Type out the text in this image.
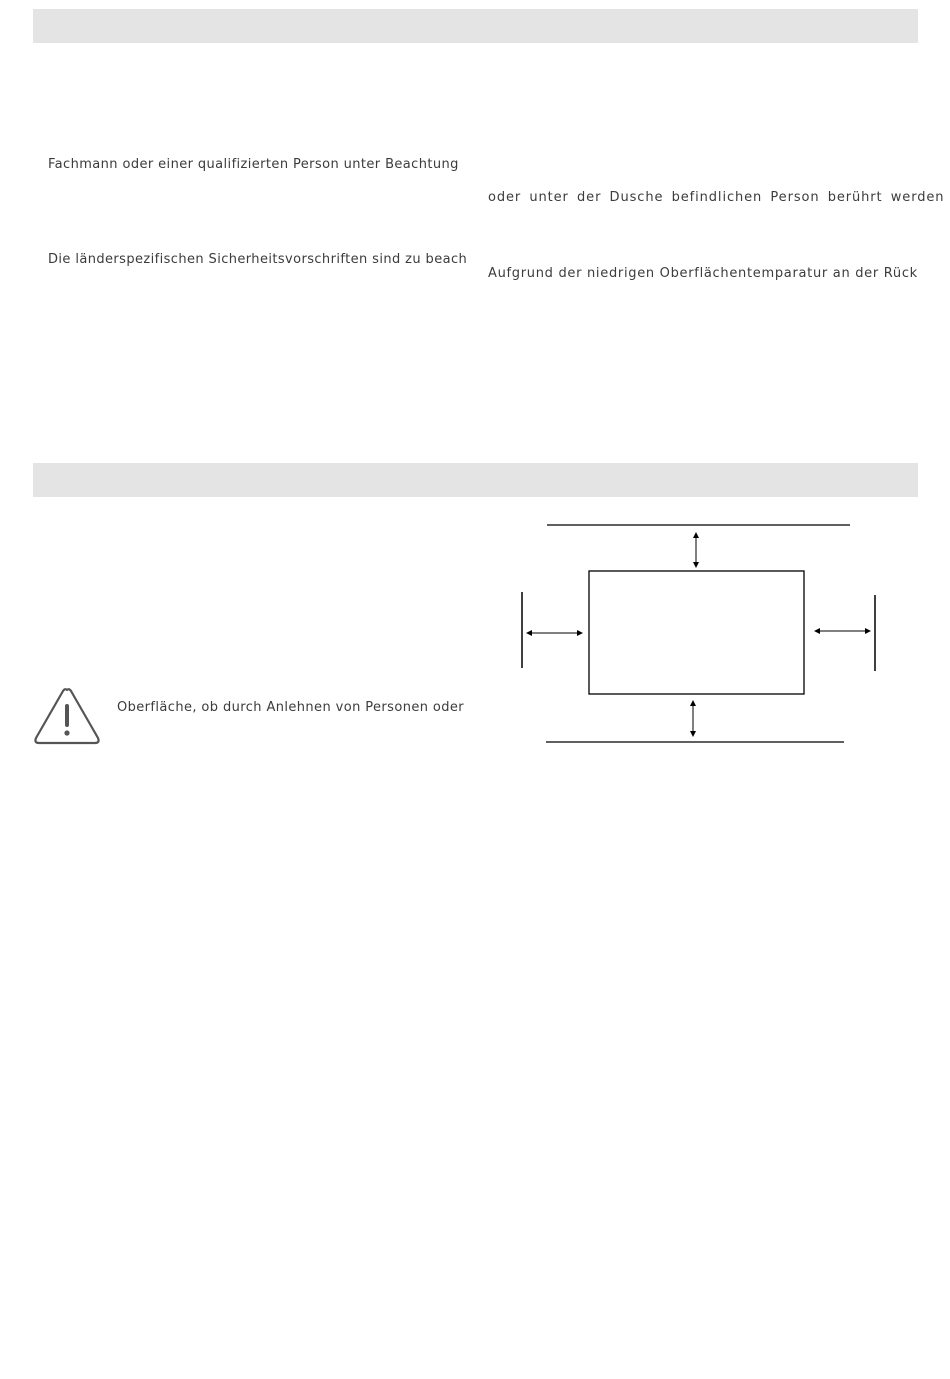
Fachmann oder einer qualifizierten Person unter Beachtung
oder unter der Dusche befindlichen Person berührt werden
Die länderspezifischen Sicherheitsvorschriften sind zu beach
Aufgrund der niedrigen Oberflächentemparatur an der Rück
Oberfläche, ob durch Anlehnen von Personen oder
